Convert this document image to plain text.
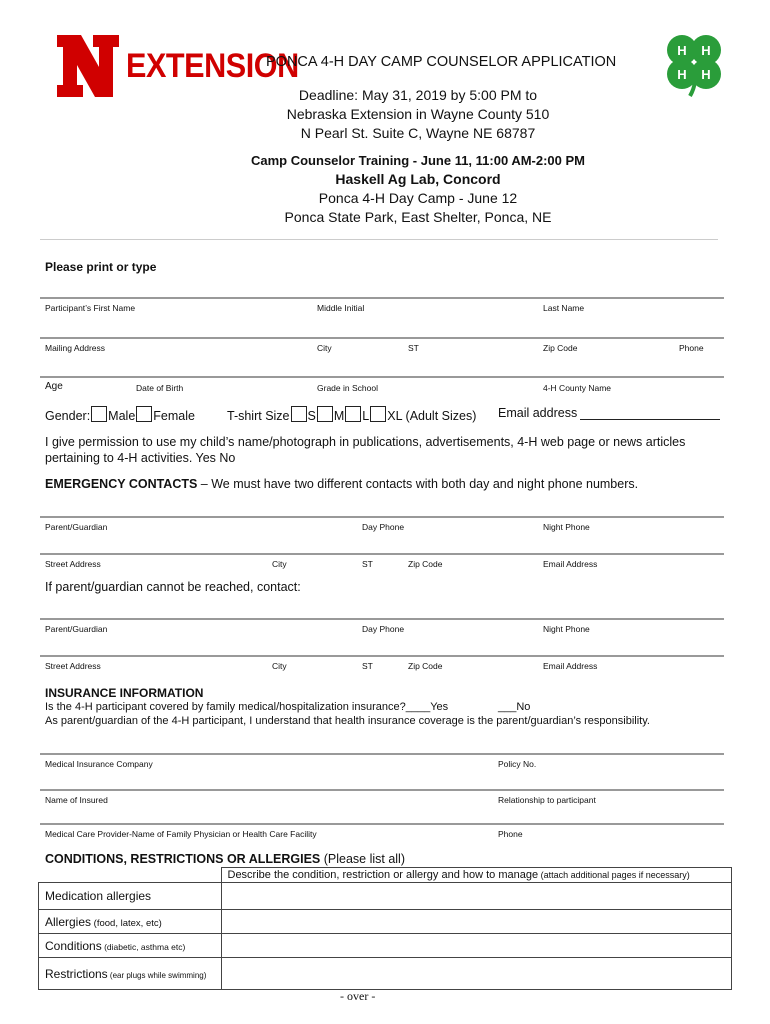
EXTENSION
PONCA 4-H DAY CAMP COUNSELOR APPLICATION
H H
H H
Deadline: May 31, 2019 by 5:00 PM to
Nebraska Extension in Wayne County 510
N Pearl St. Suite C, Wayne NE 68787
Camp Counselor Training - June 11, 11:00 AM-2:00 PM
Haskell Ag Lab, Concord
Ponca 4-H Day Camp - June 12
Ponca State Park, East Shelter, Ponca, NE
Please print or type
Participant’s First Name	Middle Initial	Last Name
Mailing Address	City	ST	Zip Code	Phone
Age	Date of Birth	Grade in School	4-H County Name
Gender: Male Female	T-shirt Size S M L XL (Adult Sizes) Email address
I give permission to use my child’s name/photograph in publications, advertisements, 4-H web page or news articles
pertaining to 4-H activities. Yes No
EMERGENCY CONTACTS – We must have two different contacts with both day and night phone numbers.
Parent/Guardian	Day Phone	Night Phone
Street Address	City	ST	Zip Code	Email Address
If parent/guardian cannot be reached, contact:
Parent/Guardian	Day Phone	Night Phone
Street Address	City	ST	Zip Code	Email Address
INSURANCE INFORMATION
Is the 4-H participant covered by family medical/hospitalization insurance?____Yes	___No
As parent/guardian of the 4-H participant, I understand that health insurance coverage is the parent/guardian’s responsibility.
Medical Insurance Company	Policy No.
Name of Insured	Relationship to participant
Medical Care Provider-Name of Family Physician or Health Care Facility	Phone
CONDITIONS, RESTRICTIONS OR ALLERGIES (Please list all)
	Describe the condition, restriction or allergy and how to manage (attach additional pages if necessary)
Medication allergies	
Allergies (food, latex, etc)	
Conditions (diabetic, asthma etc)	
Restrictions (ear plugs while swimming)	
- over -
